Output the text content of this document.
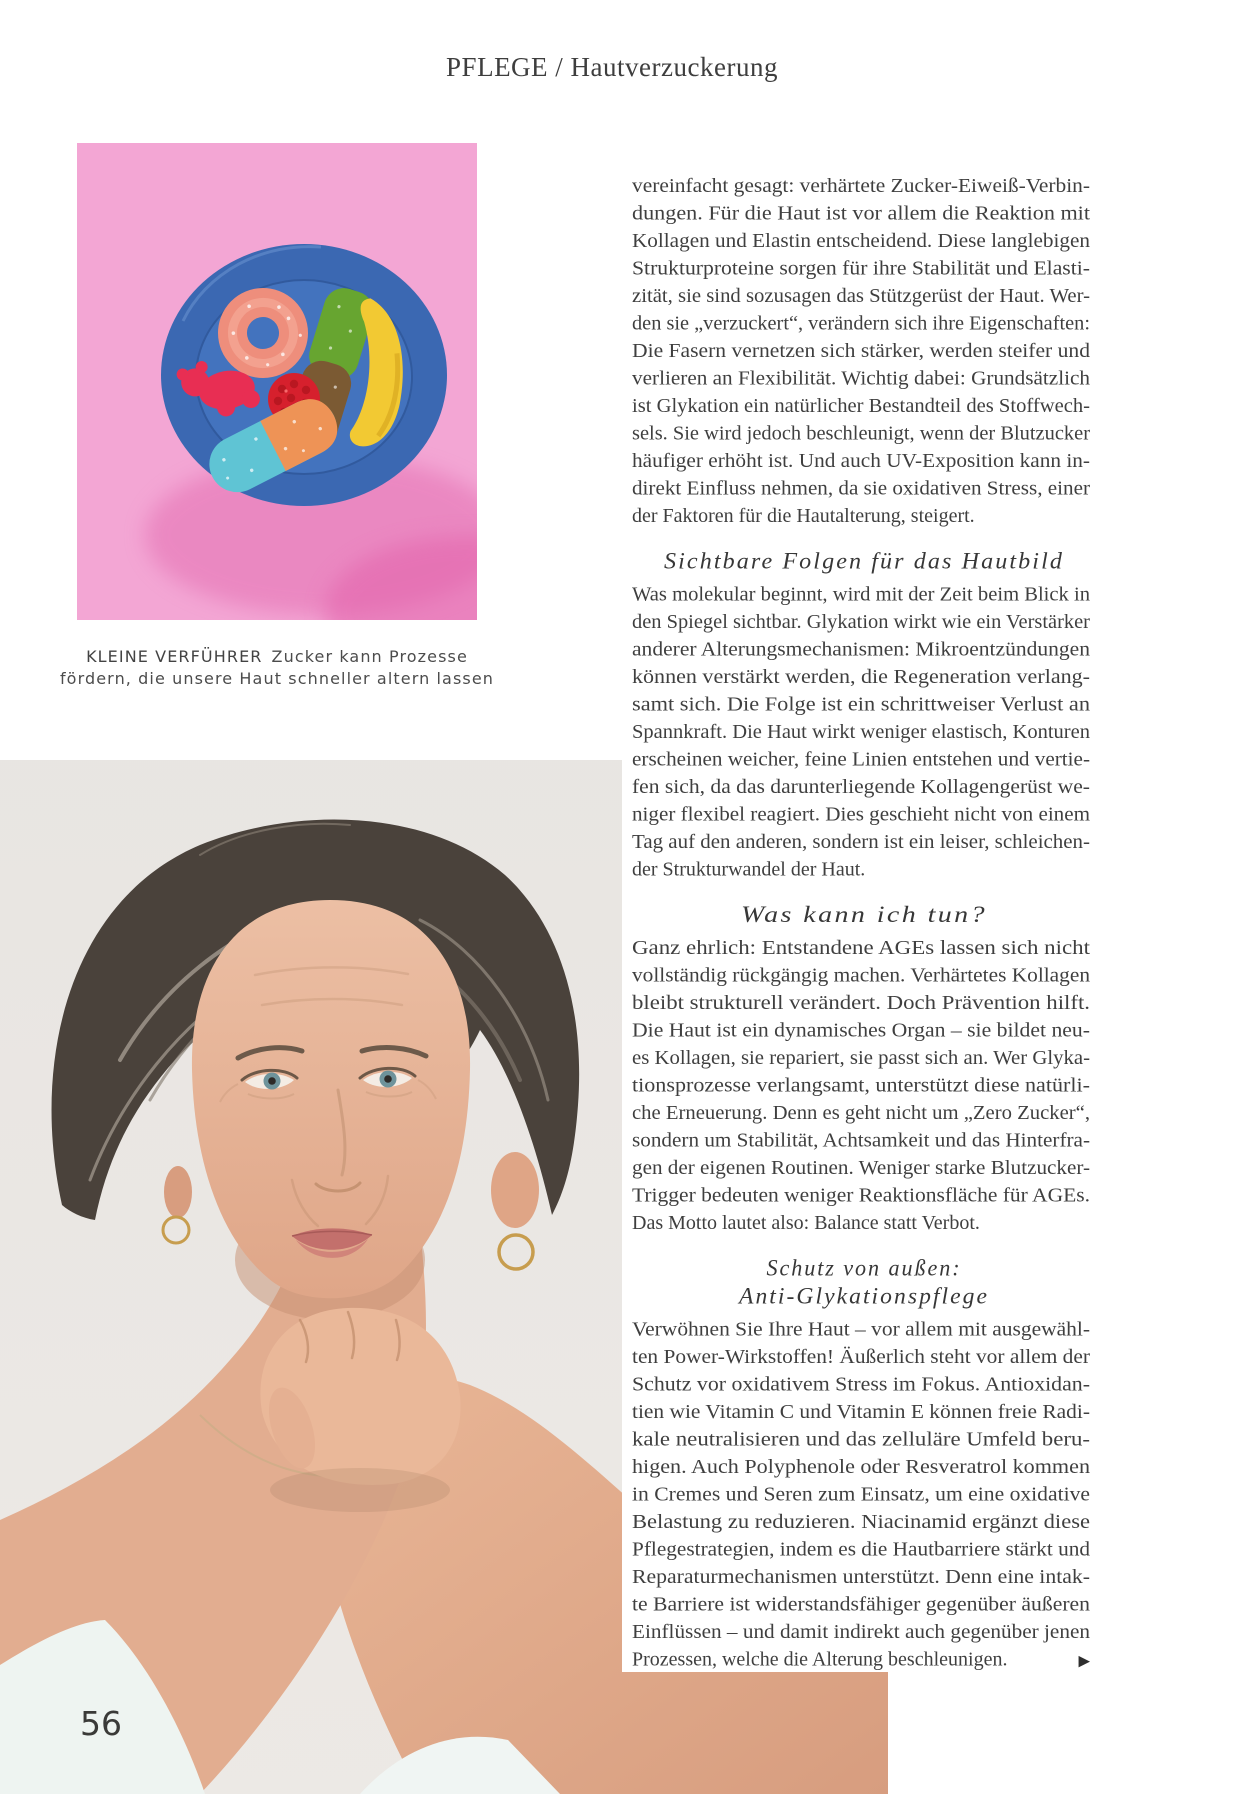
PFLEGE / Hautverzuckerung
KLEINE VERFÜHRER Zucker kann Prozesse
fördern, die unsere Haut schneller altern lassen
vereinfacht gesagt: verhärtete Zucker-Eiweiß-Verbin-
dungen. Für die Haut ist vor allem die Reaktion mit
Kollagen und Elastin entscheidend. Diese langlebigen
Strukturproteine sorgen für ihre Stabilität und Elasti-
zität, sie sind sozusagen das Stützgerüst der Haut. Wer-
den sie „verzuckert“, verändern sich ihre Eigenschaften:
Die Fasern vernetzen sich stärker, werden steifer und
verlieren an Flexibilität. Wichtig dabei: Grundsätzlich
ist Glykation ein natürlicher Bestandteil des Stoffwech-
sels. Sie wird jedoch beschleunigt, wenn der Blutzucker
häufiger erhöht ist. Und auch UV-Exposition kann in-
direkt Einfluss nehmen, da sie oxidativen Stress, einer
der Faktoren für die Hautalterung, steigert.
Sichtbare Folgen für das Hautbild
Was molekular beginnt, wird mit der Zeit beim Blick in
den Spiegel sichtbar. Glykation wirkt wie ein Verstärker
anderer Alterungsmechanismen: Mikroentzündungen
können verstärkt werden, die Regeneration verlang-
samt sich. Die Folge ist ein schrittweiser Verlust an
Spannkraft. Die Haut wirkt weniger elastisch, Konturen
erscheinen weicher, feine Linien entstehen und vertie-
fen sich, da das darunterliegende Kollagengerüst we-
niger flexibel reagiert. Dies geschieht nicht von einem
Tag auf den anderen, sondern ist ein leiser, schleichen-
der Strukturwandel der Haut.
Was kann ich tun?
Ganz ehrlich: Entstandene AGEs lassen sich nicht
vollständig rückgängig machen. Verhärtetes Kollagen
bleibt strukturell verändert. Doch Prävention hilft.
Die Haut ist ein dynamisches Organ – sie bildet neu-
es Kollagen, sie repariert, sie passt sich an. Wer Glyka-
tionsprozesse verlangsamt, unterstützt diese natürli-
che Erneuerung. Denn es geht nicht um „Zero Zucker“,
sondern um Stabilität, Achtsamkeit und das Hinterfra-
gen der eigenen Routinen. Weniger starke Blutzucker-
Trigger bedeuten weniger Reaktionsfläche für AGEs.
Das Motto lautet also: Balance statt Verbot.
Schutz von außen:
Anti-Glykationspflege
Verwöhnen Sie Ihre Haut – vor allem mit ausgewähl-
ten Power-Wirkstoffen! Äußerlich steht vor allem der
Schutz vor oxidativem Stress im Fokus. Antioxidan-
tien wie Vitamin C und Vitamin E können freie Radi-
kale neutralisieren und das zelluläre Umfeld beru-
higen. Auch Polyphenole oder Resveratrol kommen
in Cremes und Seren zum Einsatz, um eine oxidative
Belastung zu reduzieren. Niacinamid ergänzt diese
Pflegestrategien, indem es die Hautbarriere stärkt und
Reparaturmechanismen unterstützt. Denn eine intak-
te Barriere ist widerstandsfähiger gegenüber äußeren
Einflüssen – und damit indirekt auch gegenüber jenen
Prozessen, welche die Alterung beschleunigen.	▶
56
